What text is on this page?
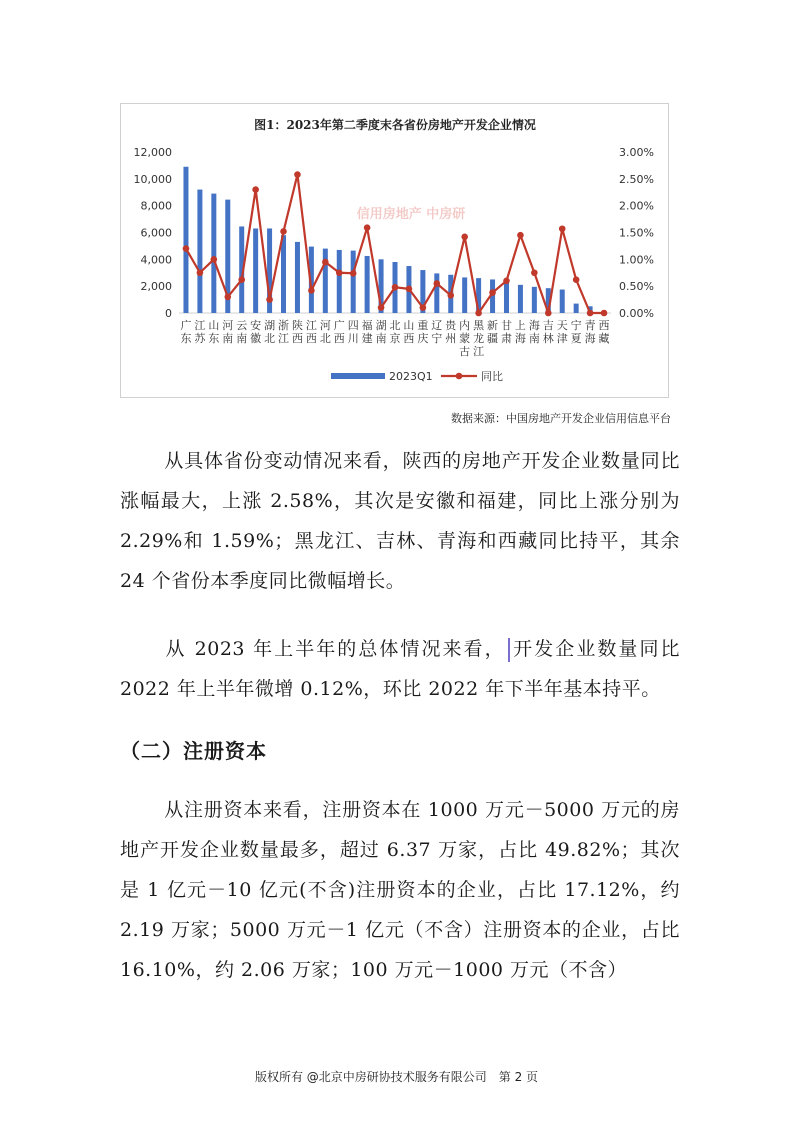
图1：2023年第二季度末各省份房地产开发企业情况
信用房地产 中房研
0
2,000
4,000
6,000
8,000
10,000
12,000
0.00%
0.50%
1.00%
1.50%
2.00%
2.50%
3.00%
广
东
江
苏
山
东
河
南
云
南
安
徽
湖
北
浙
江
陕
西
江
西
河
北
广
西
四
川
福
建
湖
南
北
京
山
西
重
庆
辽
宁
贵
州
内
蒙
古
黑
龙
江
新
疆
甘
肃
上
海
海
南
吉
林
天
津
宁
夏
青
海
西
藏
2023Q1	同比
数据来源：中国房地产开发企业信用信息平台

从具体省份变动情况来看，陕西的房地产开发企业数量同比涨幅最大，上涨 2.58%，其次是安徽和福建，同比上涨分别为 2.29%和 1.59%；黑龙江、吉林、青海和西藏同比持平，其余 24 个省份本季度同比微幅增长。

从 2023 年上半年的总体情况来看， 开发企业数量同比 2022 年上半年微增 0.12%，环比 2022 年下半年基本持平。

（二）注册资本

从注册资本来看，注册资本在 1000 万元－5000 万元的房地产开发企业数量最多，超过 6.37 万家，占比 49.82%；其次是 1 亿元－10 亿元(不含)注册资本的企业，占比 17.12%，约 2.19 万家；5000 万元－1 亿元（不含）注册资本的企业，占比 16.10%，约 2.06 万家；100 万元－1000 万元（不含）

版权所有 @北京中房研协技术服务有限公司　第 2 页
